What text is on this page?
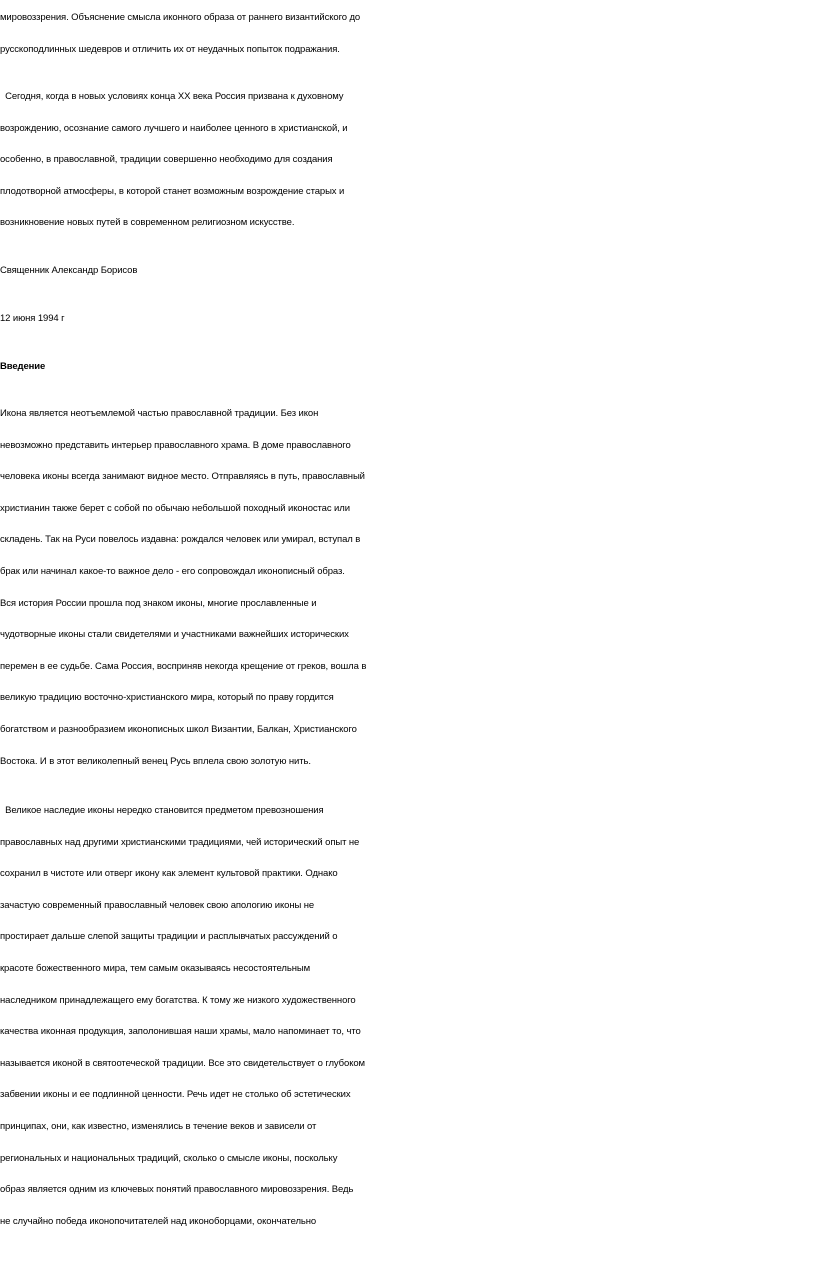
мировоззрения. Объяснение смысла иконного образа от раннего византийского до
русскоподлинных шедевров и отличить их от неудачных попыток подражания.
Сегодня, когда в новых условиях конца XX века Россия призвана к духовному
возрождению, осознание самого лучшего и наиболее ценного в христианской, и
особенно, в православной, традиции совершенно необходимо для создания
плодотворной атмосферы, в которой станет возможным возрождение старых и
возникновение новых путей в современном религиозном искусстве.
Священник Александр Борисов
12 июня 1994 г
Введение
Икона является неотъемлемой частью православной традиции. Без икон
невозможно представить интерьер православного храма. В доме православного
человека иконы всегда занимают видное место. Отправляясь в путь, православный
христианин также берет с собой по обычаю небольшой походный иконостас или
складень. Так на Руси повелось издавна: рождался человек или умирал, вступал в
брак или начинал какое-то важное дело - его сопровождал иконописный образ.
Вся история России прошла под знаком иконы, многие прославленные и
чудотворные иконы стали свидетелями и участниками важнейших исторических
перемен в ее судьбе. Сама Россия, восприняв некогда крещение от греков, вошла в
великую традицию восточно-христианского мира, который по праву гордится
богатством и разнообразием иконописных школ Византии, Балкан, Христианского
Востока. И в этот великолепный венец Русь вплела свою золотую нить.
Великое наследие иконы нередко становится предметом превозношения
православных над другими христианскими традициями, чей исторический опыт не
сохранил в чистоте или отверг икону как элемент культовой практики. Однако
зачастую современный православный человек свою апологию иконы не
простирает дальше слепой защиты традиции и расплывчатых рассуждений о
красоте божественного мира, тем самым оказываясь несостоятельным
наследником принадлежащего ему богатства. К тому же низкого художественного
качества иконная продукция, заполонившая наши храмы, мало напоминает то, что
называется иконой в святоотеческой традиции. Все это свидетельствует о глубоком
забвении иконы и ее подлинной ценности. Речь идет не столько об эстетических
принципах, они, как известно, изменялись в течение веков и зависели от
региональных и национальных традиций, сколько о смысле иконы, поскольку
образ является одним из ключевых понятий православного мировоззрения. Ведь
не случайно победа иконопочитателей над иконоборцами, окончательно
